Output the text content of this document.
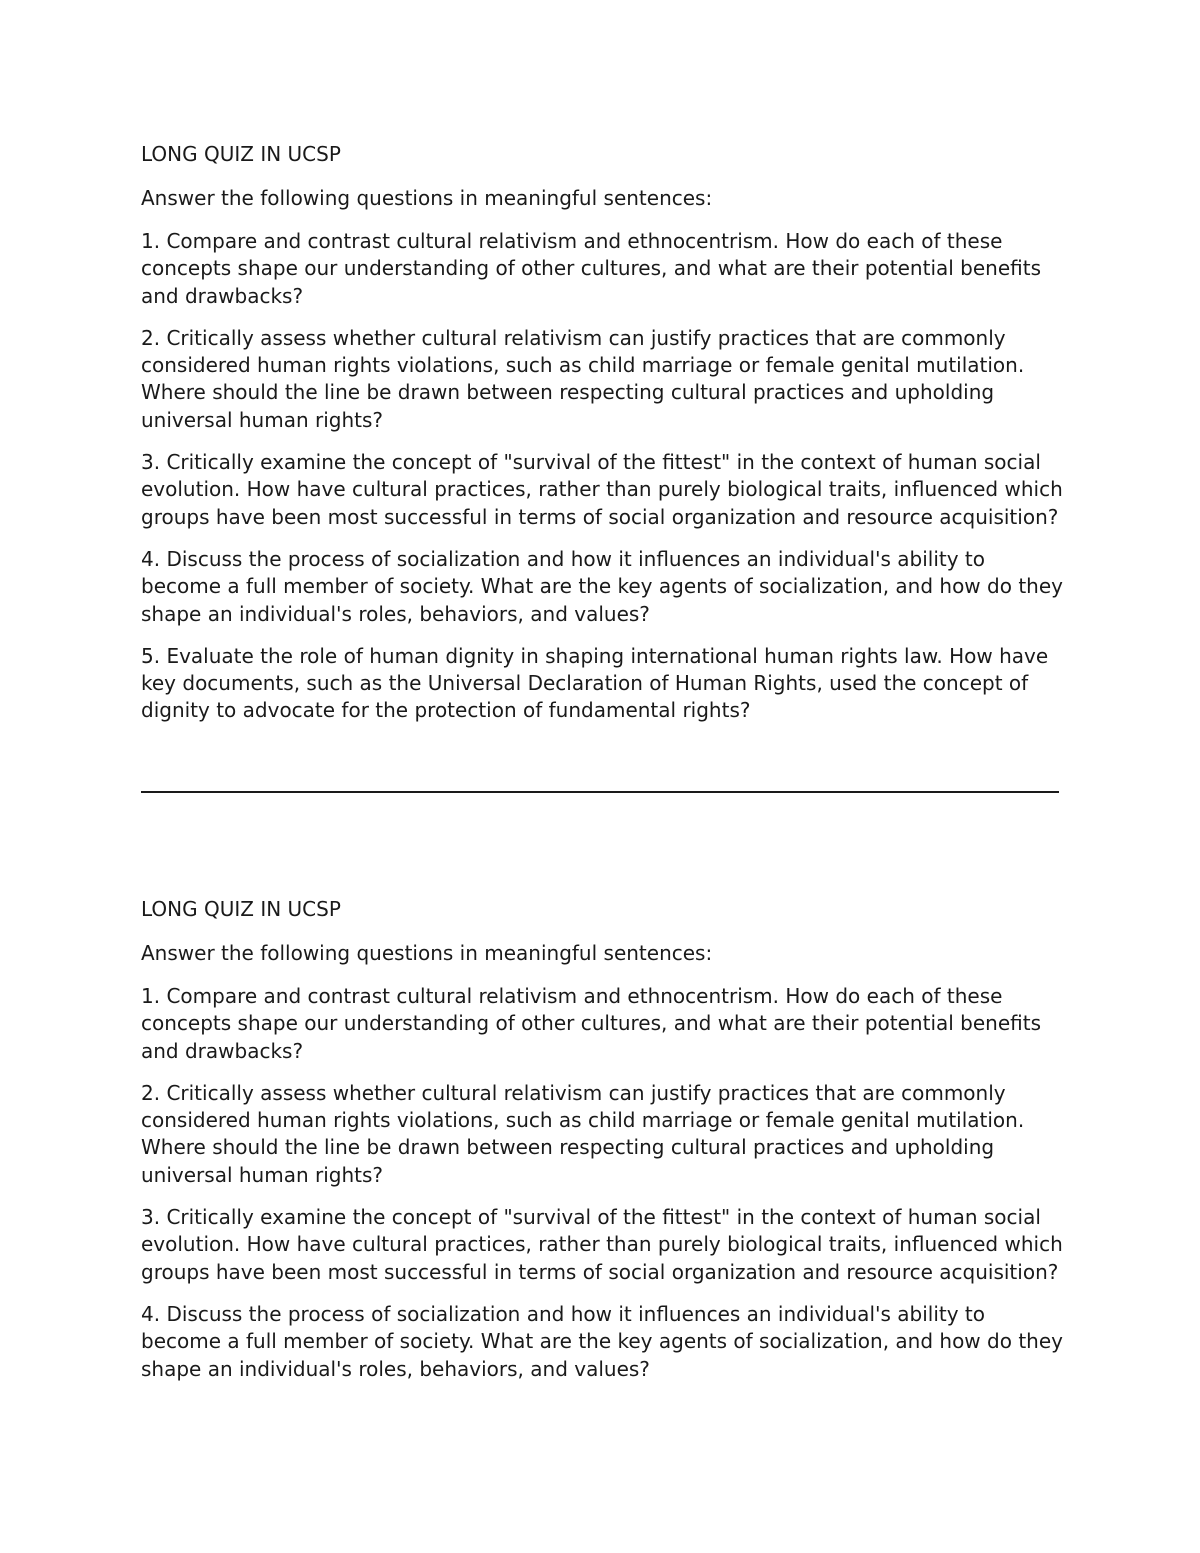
LONG QUIZ IN UCSP

Answer the following questions in meaningful sentences:

1. Compare and contrast cultural relativism and ethnocentrism. How do each of these concepts shape our understanding of other cultures, and what are their potential benefits and drawbacks?

2. Critically assess whether cultural relativism can justify practices that are commonly considered human rights violations, such as child marriage or female genital mutilation. Where should the line be drawn between respecting cultural practices and upholding universal human rights?

3. Critically examine the concept of "survival of the fittest" in the context of human social evolution. How have cultural practices, rather than purely biological traits, influenced which groups have been most successful in terms of social organization and resource acquisition?

4. Discuss the process of socialization and how it influences an individual's ability to become a full member of society. What are the key agents of socialization, and how do they shape an individual's roles, behaviors, and values?

5. Evaluate the role of human dignity in shaping international human rights law. How have key documents, such as the Universal Declaration of Human Rights, used the concept of dignity to advocate for the protection of fundamental rights?

LONG QUIZ IN UCSP

Answer the following questions in meaningful sentences:

1. Compare and contrast cultural relativism and ethnocentrism. How do each of these concepts shape our understanding of other cultures, and what are their potential benefits and drawbacks?

2. Critically assess whether cultural relativism can justify practices that are commonly considered human rights violations, such as child marriage or female genital mutilation. Where should the line be drawn between respecting cultural practices and upholding universal human rights?

3. Critically examine the concept of "survival of the fittest" in the context of human social evolution. How have cultural practices, rather than purely biological traits, influenced which groups have been most successful in terms of social organization and resource acquisition?

4. Discuss the process of socialization and how it influences an individual's ability to become a full member of society. What are the key agents of socialization, and how do they shape an individual's roles, behaviors, and values?
